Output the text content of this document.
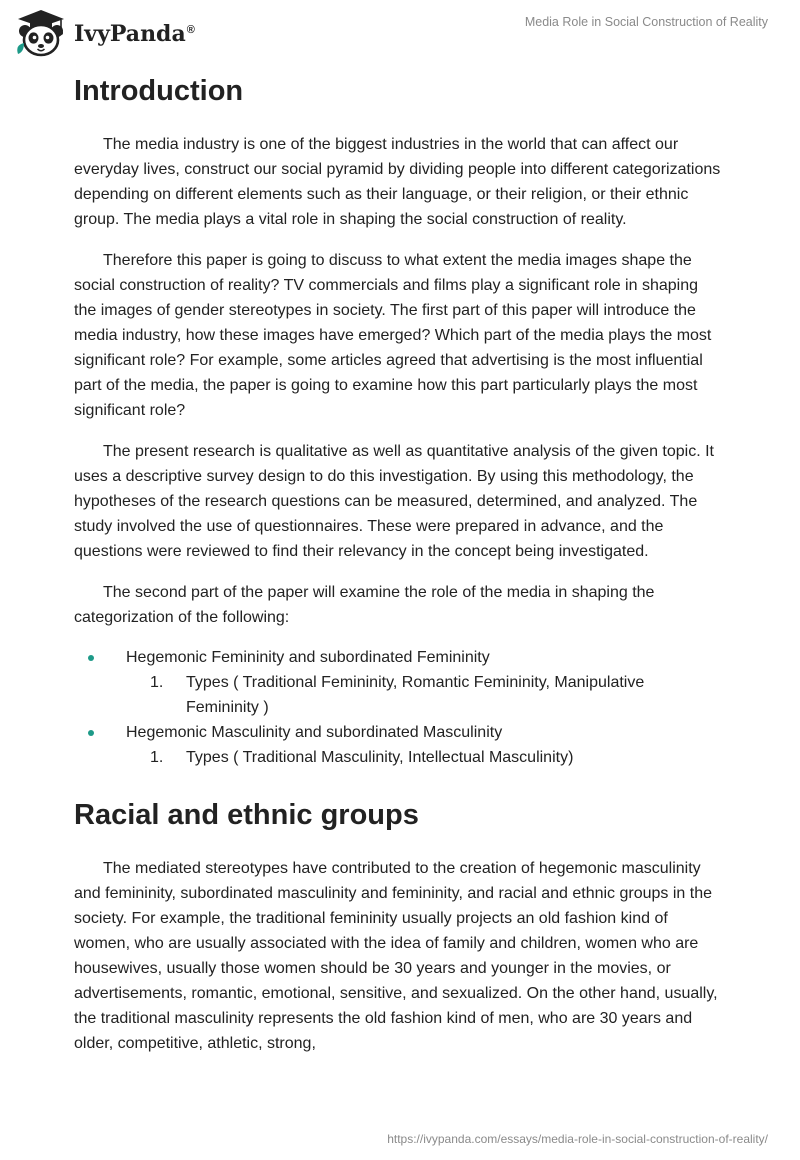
IvyPanda®
Media Role in Social Construction of Reality
Introduction

The media industry is one of the biggest industries in the world that can affect our everyday lives, construct our social pyramid by dividing people into different categorizations depending on different elements such as their language, or their religion, or their ethnic group. The media plays a vital role in shaping the social construction of reality.

Therefore this paper is going to discuss to what extent the media images shape the social construction of reality? TV commercials and films play a significant role in shaping the images of gender stereotypes in society. The first part of this paper will introduce the media industry, how these images have emerged? Which part of the media plays the most significant role? For example, some articles agreed that advertising is the most influential part of the media, the paper is going to examine how this part particularly plays the most significant role?

The present research is qualitative as well as quantitative analysis of the given topic. It uses a descriptive survey design to do this investigation. By using this methodology, the hypotheses of the research questions can be measured, determined, and analyzed. The study involved the use of questionnaires. These were prepared in advance, and the questions were reviewed to find their relevancy in the concept being investigated.

The second part of the paper will examine the role of the media in shaping the categorization of the following:

Hegemonic Femininity and subordinated Femininity
1. Types ( Traditional Femininity, Romantic Femininity, Manipulative Femininity )
Hegemonic Masculinity and subordinated Masculinity
1. Types ( Traditional Masculinity, Intellectual Masculinity)
Racial and ethnic groups

The mediated stereotypes have contributed to the creation of hegemonic masculinity and femininity, subordinated masculinity and femininity, and racial and ethnic groups in the society. For example, the traditional femininity usually projects an old fashion kind of women, who are usually associated with the idea of family and children, women who are housewives, usually those women should be 30 years and younger in the movies, or advertisements, romantic, emotional, sensitive, and sexualized. On the other hand, usually, the traditional masculinity represents the old fashion kind of men, who are 30 years and older, competitive, athletic, strong,

https://ivypanda.com/essays/media-role-in-social-construction-of-reality/
